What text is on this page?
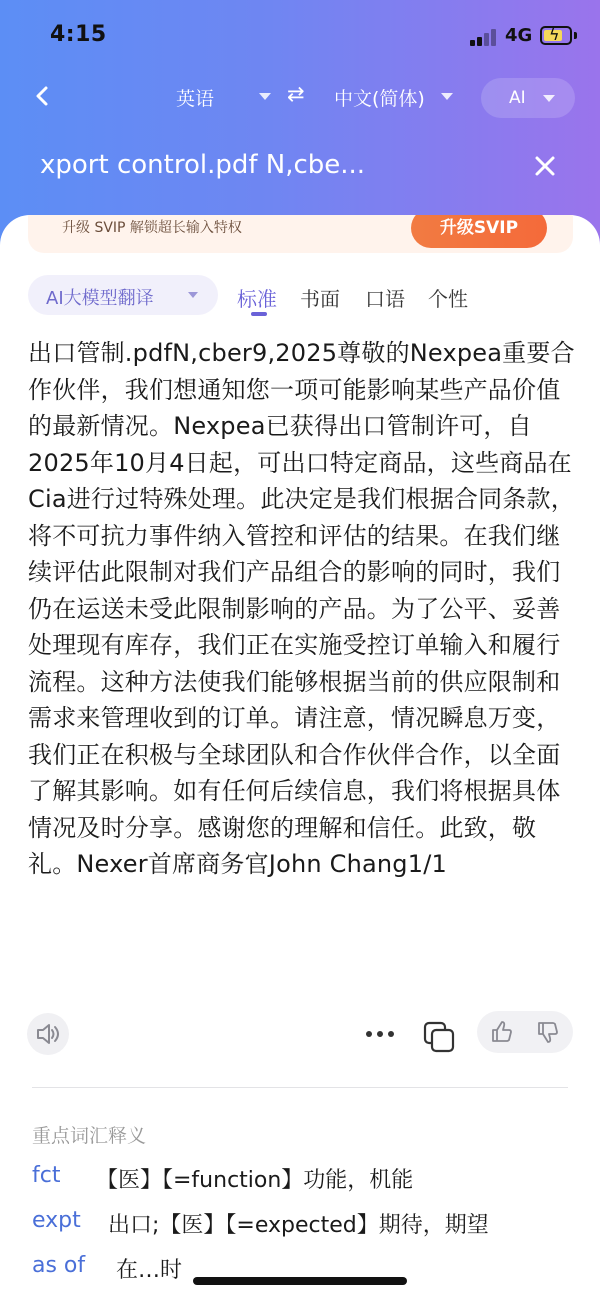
4:15	4G ϟ
英语	⇄ 中文(简体)	AI
xport control.pdf N,cbe...
升级 SVIP 解锁超长输入特权	升级SVIP
AI大模型翻译	标准 书面 口语 个性
出口管制.pdfN,cber9,2025尊敬的Nexpea重要合作伙伴，我们想通知您一项可能影响某些产品价值的最新情况。Nexpea已获得出口管制许可，自2025年10月4日起，可出口特定商品，这些商品在Cia进行过特殊处理。此决定是我们根据合同条款，将不可抗力事件纳入管控和评估的结果。在我们继续评估此限制对我们产品组合的影响的同时，我们仍在运送未受此限制影响的产品。为了公平、妥善处理现有库存，我们正在实施受控订单输入和履行流程。这种方法使我们能够根据当前的供应限制和需求来管理收到的订单。请注意，情况瞬息万变，我们正在积极与全球团队和合作伙伴合作，以全面了解其影响。如有任何后续信息，我们将根据具体情况及时分享。感谢您的理解和信任。此致，敬礼。Nexer首席商务官John Chang1/1
重点词汇释义
fct 【医】【=function】功能，机能
expt 出口;【医】【=expected】期待，期望
as of 在…时
